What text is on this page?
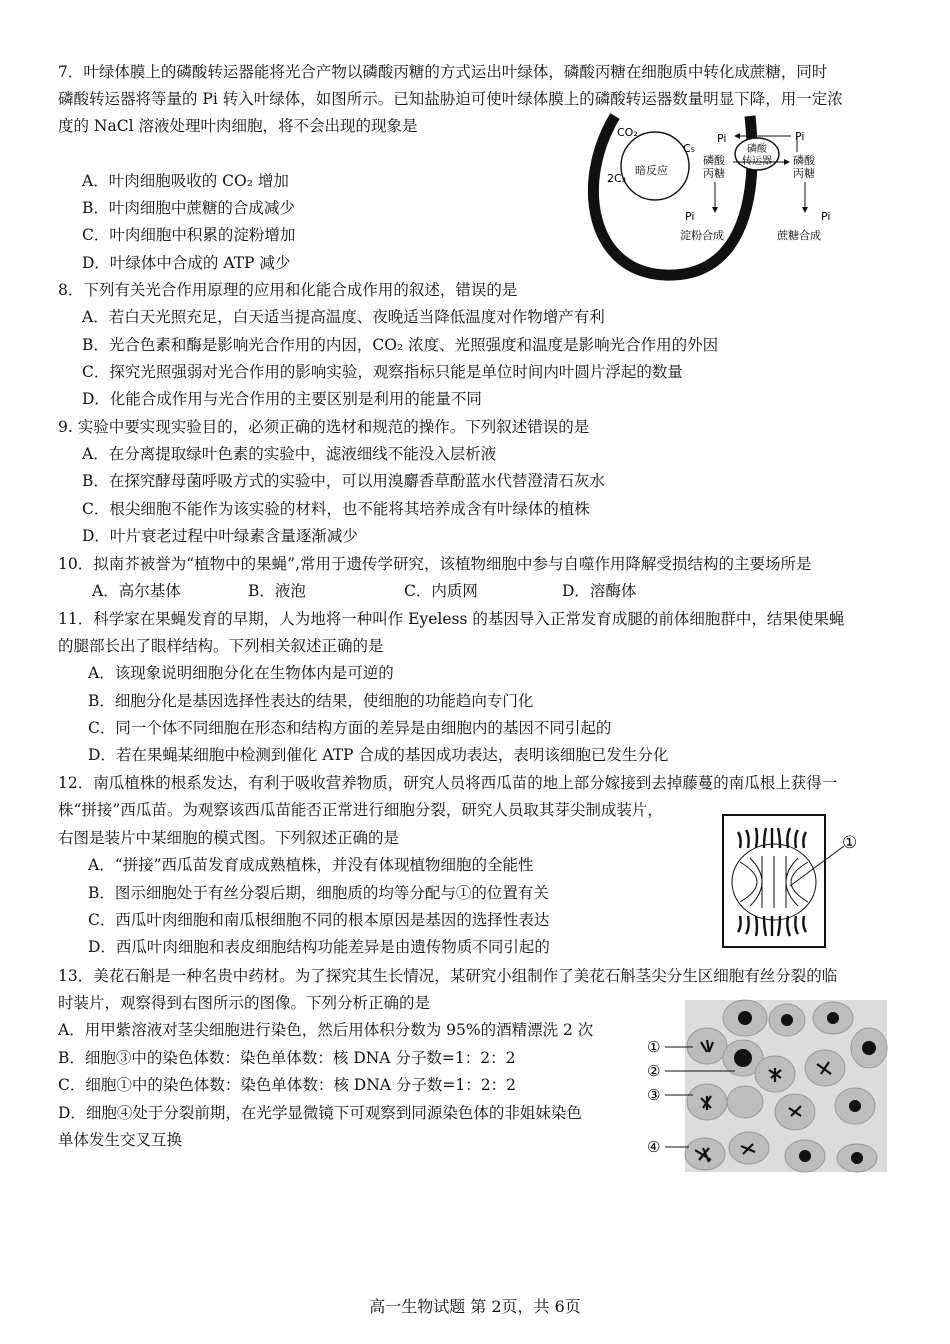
7．叶绿体膜上的磷酸转运器能将光合产物以磷酸丙糖的方式运出叶绿体，磷酸丙糖在细胞质中转化成蔗糖，同时
磷酸转运器将等量的 Pi 转入叶绿体，如图所示。已知盐胁迫可使叶绿体膜上的磷酸转运器数量明显下降，用一定浓
度的 NaCl 溶液处理叶肉细胞，将不会出现的现象是
A．叶肉细胞吸收的 CO₂ 增加
B．叶肉细胞中蔗糖的合成减少
C．叶肉细胞中积累的淀粉增加
D．叶绿体中合成的 ATP 减少
CO₂
C₅
2C₃
暗反应
磷酸
转运器
Pi	Pi
磷酸
丙糖
磷酸
丙糖
Pi	Pi
淀粉合成	蔗糖合成
8．下列有关光合作用原理的应用和化能合成作用的叙述，错误的是
A．若白天光照充足，白天适当提高温度、夜晚适当降低温度对作物增产有利
B．光合色素和酶是影响光合作用的内因，CO₂ 浓度、光照强度和温度是影响光合作用的外因
C．探究光照强弱对光合作用的影响实验，观察指标只能是单位时间内叶圆片浮起的数量
D．化能合成作用与光合作用的主要区别是利用的能量不同
9. 实验中要实现实验目的，必须正确的选材和规范的操作。下列叙述错误的是
A．在分离提取绿叶色素的实验中，滤液细线不能没入层析液
B．在探究酵母菌呼吸方式的实验中，可以用溴麝香草酚蓝水代替澄清石灰水
C．根尖细胞不能作为该实验的材料，也不能将其培养成含有叶绿体的植株
D．叶片衰老过程中叶绿素含量逐渐减少
10．拟南芥被誉为“植物中的果蝇”,常用于遗传学研究，该植物细胞中参与自噬作用降解受损结构的主要场所是
A．高尔基体	B．液泡	C．内质网	D．溶酶体
11．科学家在果蝇发育的早期，人为地将一种叫作 Eyeless 的基因导入正常发育成腿的前体细胞群中，结果使果蝇
的腿部长出了眼样结构。下列相关叙述正确的是
A．该现象说明细胞分化在生物体内是可逆的
B．细胞分化是基因选择性表达的结果，使细胞的功能趋向专门化
C．同一个体不同细胞在形态和结构方面的差异是由细胞内的基因不同引起的
D．若在果蝇某细胞中检测到催化 ATP 合成的基因成功表达，表明该细胞已发生分化
12．南瓜植株的根系发达，有利于吸收营养物质，研究人员将西瓜苗的地上部分嫁接到去掉藤蔓的南瓜根上获得一
株“拼接”西瓜苗。为观察该西瓜苗能否正常进行细胞分裂，研究人员取其芽尖制成装片，
右图是装片中某细胞的模式图。下列叙述正确的是
A．“拼接”西瓜苗发育成成熟植株，并没有体现植物细胞的全能性
B．图示细胞处于有丝分裂后期，细胞质的均等分配与①的位置有关
C．西瓜叶肉细胞和南瓜根细胞不同的根本原因是基因的选择性表达
D．西瓜叶肉细胞和表皮细胞结构功能差异是由遗传物质不同引起的
①
13．美花石斛是一种名贵中药材。为了探究其生长情况，某研究小组制作了美花石斛茎尖分生区细胞有丝分裂的临
时装片，观察得到右图所示的图像。下列分析正确的是
A．用甲紫溶液对茎尖细胞进行染色，然后用体积分数为 95%的酒精漂洗 2 次
B．细胞③中的染色体数：染色单体数：核 DNA 分子数=1：2：2
C．细胞①中的染色体数：染色单体数：核 DNA 分子数=1：2：2
D．细胞④处于分裂前期，在光学显微镜下可观察到同源染色体的非姐妹染色
单体发生交叉互换
①
②
③
④
高一生物试题 第 2页，共 6页
